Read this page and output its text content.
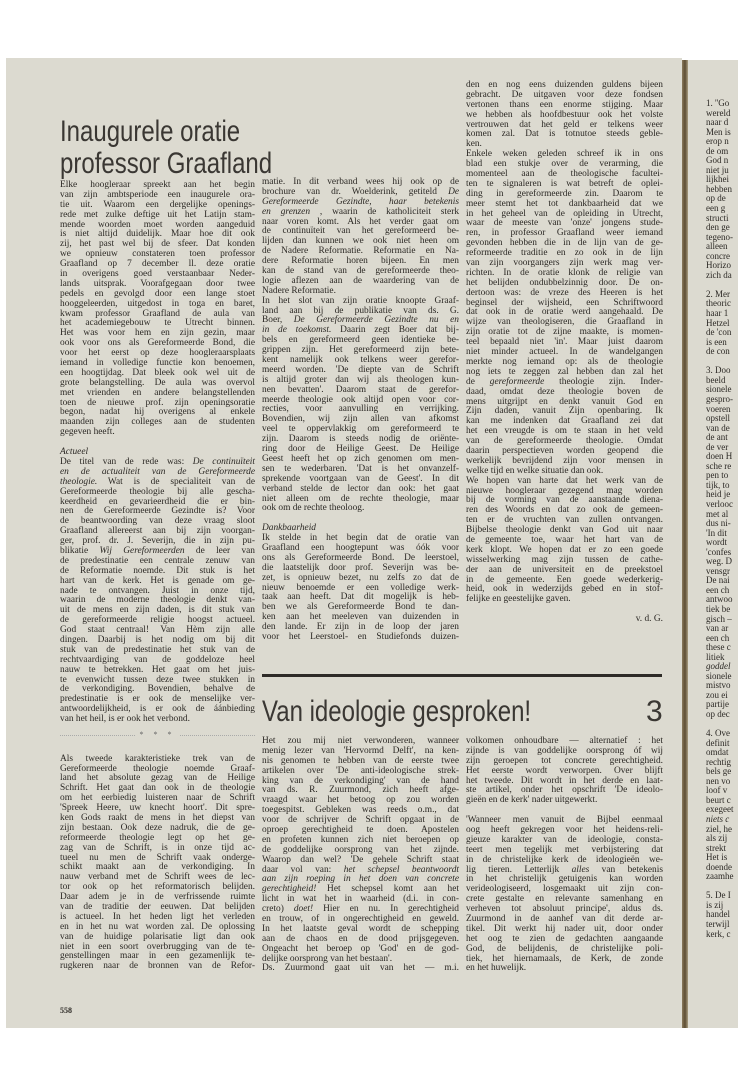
Inaugurele oratie
professor Graafland
Elke hoogleraar spreekt aan het begin
van zijn ambtsperiode een inaugurele ora-
tie uit. Waarom een dergelijke openings-
rede met zulke deftige uit het Latijn stam-
mende woorden moet worden aangeduid
is niet altijd duidelijk. Maar hoe dit ook
zij, het past wel bij de sfeer. Dat konden
we opnieuw constateren toen professor
Graafland op 7 december ll. deze oratie
in overigens goed verstaanbaar Neder-
lands uitsprak. Voorafgegaan door twee
pedels en gevolgd door een lange stoet
hooggeleerden, uitgedost in toga en baret,
kwam professor Graafland de aula van
het academiegebouw te Utrecht binnen.
Het was voor hem en zijn gezin, maar
ook voor ons als Gereformeerde Bond, die
voor het eerst op deze hoogleraarsplaats
iemand in volledige functie kon benoemen,
een hoogtijdag. Dat bleek ook wel uit de
grote belangstelling. De aula was overvol
met vrienden en andere belangstellenden
toen de nieuwe prof. zijn openingsoratie
begon, nadat hij overigens al enkele
maanden zijn colleges aan de studenten
gegeven heeft.
Actueel
De titel van de rede was: De continuïteit
en de actualiteit van de Gereformeerde
theologie. Wat is de specialiteit van de
Gereformeerde theologie bij alle gescha-
keerdheid en gevarieerdheid die er bin-
nen de Gereformeerde Gezindte is? Voor
de beantwoording van deze vraag sloot
Graafland allereerst aan bij zijn voorgan-
ger, prof. dr. J. Severijn, die in zijn pu-
blikatie Wij Gereformeerden de leer van
de predestinatie een centrale zenuw van
de Reformatie noemde. Dit stuk is het
hart van de kerk. Het is genade om ge-
nade te ontvangen. Juist in onze tijd,
waarin de moderne theologie denkt van-
uit de mens en zijn daden, is dit stuk van
de gereformeerde religie hoogst actueel.
God staat centraal! Van Hèm zijn alle
dingen. Daarbij is het nodig om bij dit
stuk van de predestinatie het stuk van de
rechtvaardiging van de goddeloze heel
nauw te betrekken. Het gaat om het juis-
te evenwicht tussen deze twee stukken in
de verkondiging. Bovendien, behalve de
predestinatie is er ook de menselijke ver-
antwoordelijkheid, is er ook de áánbieding
van het heil, is er ook het verbond.
* * *
Als tweede karakteristieke trek van de
Gereformeerde theologie noemde Graaf-
land het absolute gezag van de Heilige
Schrift. Het gaat dan ook in de theologie
om het eerbiedig luisteren naar de Schrift
'Spreek Heere, uw knecht hoort'. Dit spre-
ken Gods raakt de mens in het diepst van
zijn bestaan. Ook deze nadruk, die de ge-
reformeerde theologie legt op het ge-
zag van de Schrift, is in onze tijd ac-
tueel nu men de Schrift vaak onderge-
schikt maakt aan de verkondiging. In
nauw verband met de Schrift wees de lec-
tor ook op het reformatorisch belijden.
Daar adem je in de verfrissende ruimte
van de traditie der eeuwen. Dat belijden
is actueel. In het heden ligt het verleden
en in het nu wat worden zal. De oplossing
van de huidige polarisatie ligt dan ook
niet in een soort overbrugging van de te-
genstellingen maar in een gezamenlijk te-
rugkeren naar de bronnen van de Refor-
matie. In dit verband wees hij ook op de
brochure van dr. Woelderink, getiteld De
Gereformeerde Gezindte, haar betekenis
en grenzen , waarin de katholiciteit sterk
naar voren komt. Als het verder gaat om
de continuïteit van het gereformeerd be-
lijden dan kunnen we ook niet heen om
de Nadere Reformatie. Reformatie en Na-
dere Reformatie horen bijeen. En men
kan de stand van de gereformeerde theo-
logie aflezen aan de waardering van de
Nadere Reformatie.
In het slot van zijn oratie knoopte Graaf-
land aan bij de publikatie van ds. G.
Boer, De Gereformeerde Gezindte nu en
in de toekomst. Daarin zegt Boer dat bij-
bels en gereformeerd geen identieke be-
grippen zijn. Het gereformeerd zijn bete-
kent namelijk ook telkens weer gerefor-
meerd worden. 'De diepte van de Schrift
is altijd groter dan wij als theologen kun-
nen bevatten'. Daarom staat de gerefor-
meerde theologie ook altijd open voor cor-
recties, voor aanvulling en verrijking.
Bovendien, wij zijn allen van afkomst
veel te oppervlakkig om gereformeerd te
zijn. Daarom is steeds nodig de oriënte-
ring door de Heilige Geest. De Heilige
Geest heeft het op zich genomen om men-
sen te wederbaren. 'Dat is het onvanzelf-
sprekende voortgaan van de Geest'. In dit
verband stelde de lector dan ook: het gaat
niet alleen om de rechte theologie, maar
ook om de rechte theoloog.
Dankbaarheid
Ik stelde in het begin dat de oratie van
Graafland een hoogtepunt was óók voor
ons als Gereformeerde Bond. De leerstoel,
die laatstelijk door prof. Severijn was be-
zet, is opnieuw bezet, nu zelfs zo dat de
nieuw benoemde er een volledige werk-
taak aan heeft. Dat dit mogelijk is heb-
ben we als Gereformeerde Bond te dan-
ken aan het meeleven van duizenden in
den lande. Er zijn in de loop der jaren
voor het Leerstoel- en Studiefonds duizen-
den en nog eens duizenden guldens bijeen
gebracht. De uitgaven voor deze fondsen
vertonen thans een enorme stijging. Maar
we hebben als hoofdbestuur ook het volste
vertrouwen dat het geld er telkens weer
komen zal. Dat is totnutoe steeds geble-
ken.
Enkele weken geleden schreef ik in ons
blad een stukje over de verarming, die
momenteel aan de theologische facultei-
ten te signaleren is wat betreft de oplei-
ding in gereformeerde zin. Daarom te
meer stemt het tot dankbaarheid dat we
in het geheel van de opleiding in Utrecht,
waar de meeste van 'onze' jongens stude-
ren, in professor Graafland weer iemand
gevonden hebben die in de lijn van de ge-
reformeerde traditie en zo ook in de lijn
van zijn voorgangers zijn werk mag ver-
richten. In de oratie klonk de religie van
het belijden ondubbelzinnig door. De on-
dertoon was: de vreze des Heeren is het
beginsel der wijsheid, een Schriftwoord
dat ook in de oratie werd aangehaald. De
wijze van theologiseren, die Graafland in
zijn oratie tot de zijne maakte, is momen-
teel bepaald niet 'in'. Maar juist daarom
niet minder actueel. In de wandelgangen
merkte nog iemand op: als de theologie
nog iets te zeggen zal hebben dan zal het
de gereformeerde theologie zijn. Inder-
daad, omdat deze theologie boven de
mens uitgrijpt en denkt vanuit God en
Zijn daden, vanuit Zijn openbaring. Ik
kan me indenken dat Graafland zei dat
het een vreugde is om te staan in het veld
van de gereformeerde theologie. Omdat
daarin perspectieven worden geopend die
werkelijk bevrijdend zijn voor mensen in
welke tijd en welke situatie dan ook.
We hopen van harte dat het werk van de
nieuwe hoogleraar gezegend mag worden
bij de vorming van de aanstaande diena-
ren des Woords en dat zo ook de gemeen-
ten er de vruchten van zullen ontvangen.
Bijbelse theologie denkt van God uit naar
de gemeente toe, waar het hart van de
kerk klopt. We hopen dat er zo een goede
wisselwerking mag zijn tussen de cathe-
der aan de universiteit en de preekstoel
in de gemeente. Een goede wederkerig-
heid, ook in wederzijds gebed en in stof-
felijke en geestelijke gaven.
v. d. G.
Van ideologie gesproken!	3
Het zou mij niet verwonderen, wanneer
menig lezer van 'Hervormd Delft', na ken-
nis genomen te hebben van de eerste twee
artikelen over 'De anti-ideologische strek-
king van de verkondiging' van de hand
van ds. R. Zuurmond, zich heeft afge-
vraagd waar het betoog op zou worden
toegespitst. Gebleken was reeds o.m., dat
voor de schrijver de Schrift opgaat in de
oproep gerechtigheid te doen. Apostelen
en profeten kunnen zich niet beroepen op
de goddelijke oorsprong van het zijnde.
Waarop dan wel? 'De gehele Schrift staat
daar vol van: het schepsel beantwoordt
aan zijn roeping in het doen van concrete
gerechtigheid! Het schepsel komt aan het
licht in wat het in waarheid (d.i. in con-
creto) doet! Hier en nu. In gerechtigheid
en trouw, of in ongerechtigheid en geweld.
In het laatste geval wordt de schepping
aan de chaos en de dood prijsgegeven.
Ongeacht het beroep op 'God' en de god-
delijke oorsprong van het bestaan'.
Ds. Zuurmond gaat uit van het — m.i.
volkomen onhoudbare — alternatief : het
zijnde is van goddelijke oorsprong óf wij
zijn geroepen tot concrete gerechtigheid.
Het eerste wordt verworpen. Over blijft
het tweede. Dit wordt in het derde en laat-
ste artikel, onder het opschrift 'De ideolo-
gieën en de kerk' nader uitgewerkt.
'Wanneer men vanuit de Bijbel eenmaal
oog heeft gekregen voor het heidens-reli-
gieuze karakter van de ideologie, consta-
teert men tegelijk met verbijstering dat
in de christelijke kerk de ideologieën we-
lig tieren. Letterlijk alles van betekenis
in het christelijk getuigenis kan worden
verideologiseerd, losgemaakt uit zijn con-
crete gestalte en relevante samenhang en
verheven tot absoluut principe', aldus ds.
Zuurmond in de aanhef van dit derde ar-
tikel. Dit werkt hij nader uit, door onder
het oog te zien de gedachten aangaande
God, de belijdenis, de christelijke poli-
tiek, het hiernamaals, de Kerk, de zonde
en het huwelijk.
558
1. ''Go
wereld
naar d
Men is
erop n
de om
God n
niet ju
lijkhei
hebben
op de
een g
structi
den ge
tegeno-
alleen
concre
Horizo
zich da

2. Mer
theoric
haar 1
Hetzel
de 'con
is een
de con

3. Doo
beeld
sionele
gespro-
voeren
opstell
van de
de ant
de ver
doen H
sche re
pen to
tijk, to
heid je
verlooc
met al
dus ni-
'In dit
wordt
'confes
weg. D
vensgr
De nai
een ch
antwoo
tiek be
gisch –
van ar
een ch
these c
litiek
goddel
sionele
mistvo
zou ei
partije
op dec

4. Ove
definit
omdat
rechtig
bels ge
nen vo
loof v
beurt c
exegeet
niets c
ziel, he
als zij
strekt
Het is
doende
zaamhe

5. De I
is zij
handel
terwijl
kerk, c
